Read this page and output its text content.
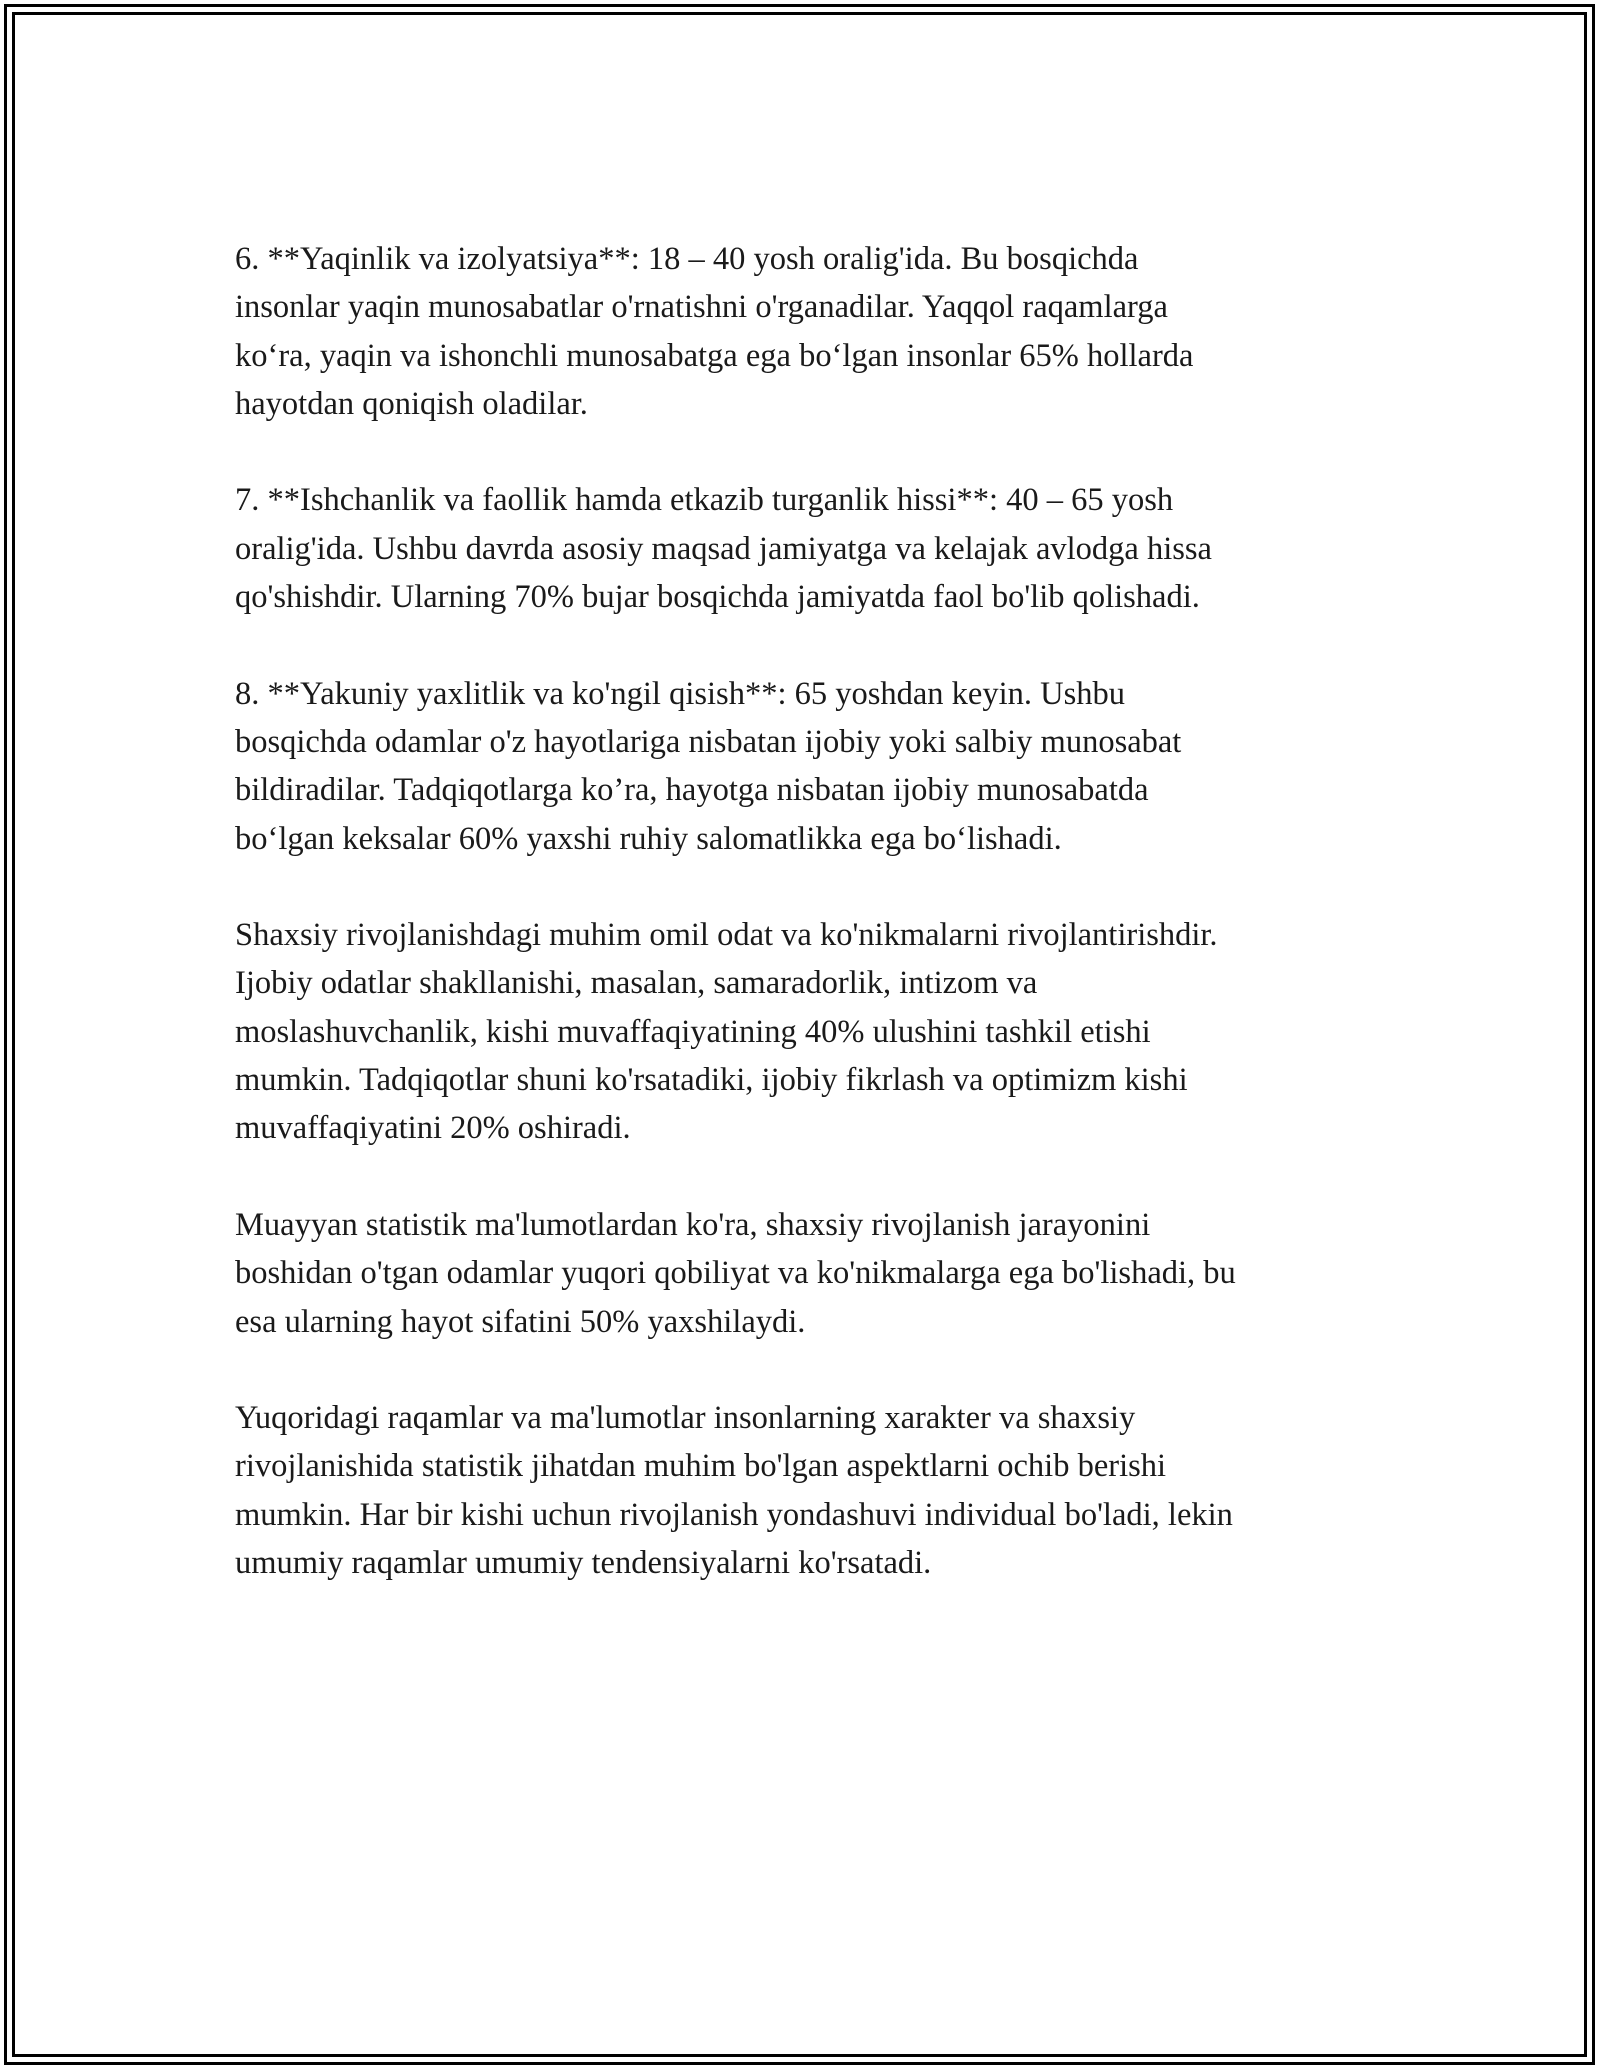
6. **Yaqinlik va izolyatsiya**: 18 – 40 yosh oralig'ida. Bu bosqichda
insonlar yaqin munosabatlar o'rnatishni o'rganadilar. Yaqqol raqamlarga
ko‘ra, yaqin va ishonchli munosabatga ega bo‘lgan insonlar 65% hollarda
hayotdan qoniqish oladilar.

7. **Ishchanlik va faollik hamda etkazib turganlik hissi**: 40 – 65 yosh
oralig'ida. Ushbu davrda asosiy maqsad jamiyatga va kelajak avlodga hissa
qo'shishdir. Ularning 70% bujar bosqichda jamiyatda faol bo'lib qolishadi.

8. **Yakuniy yaxlitlik va ko'ngil qisish**: 65 yoshdan keyin. Ushbu
bosqichda odamlar o'z hayotlariga nisbatan ijobiy yoki salbiy munosabat
bildiradilar. Tadqiqotlarga ko’ra, hayotga nisbatan ijobiy munosabatda
bo‘lgan keksalar 60% yaxshi ruhiy salomatlikka ega bo‘lishadi.

Shaxsiy rivojlanishdagi muhim omil odat va ko'nikmalarni rivojlantirishdir.
Ijobiy odatlar shakllanishi, masalan, samaradorlik, intizom va
moslashuvchanlik, kishi muvaffaqiyatining 40% ulushini tashkil etishi
mumkin. Tadqiqotlar shuni ko'rsatadiki, ijobiy fikrlash va optimizm kishi
muvaffaqiyatini 20% oshiradi.

Muayyan statistik ma'lumotlardan ko'ra, shaxsiy rivojlanish jarayonini
boshidan o'tgan odamlar yuqori qobiliyat va ko'nikmalarga ega bo'lishadi, bu
esa ularning hayot sifatini 50% yaxshilaydi.

Yuqoridagi raqamlar va ma'lumotlar insonlarning xarakter va shaxsiy
rivojlanishida statistik jihatdan muhim bo'lgan aspektlarni ochib berishi
mumkin. Har bir kishi uchun rivojlanish yondashuvi individual bo'ladi, lekin
umumiy raqamlar umumiy tendensiyalarni ko'rsatadi.
